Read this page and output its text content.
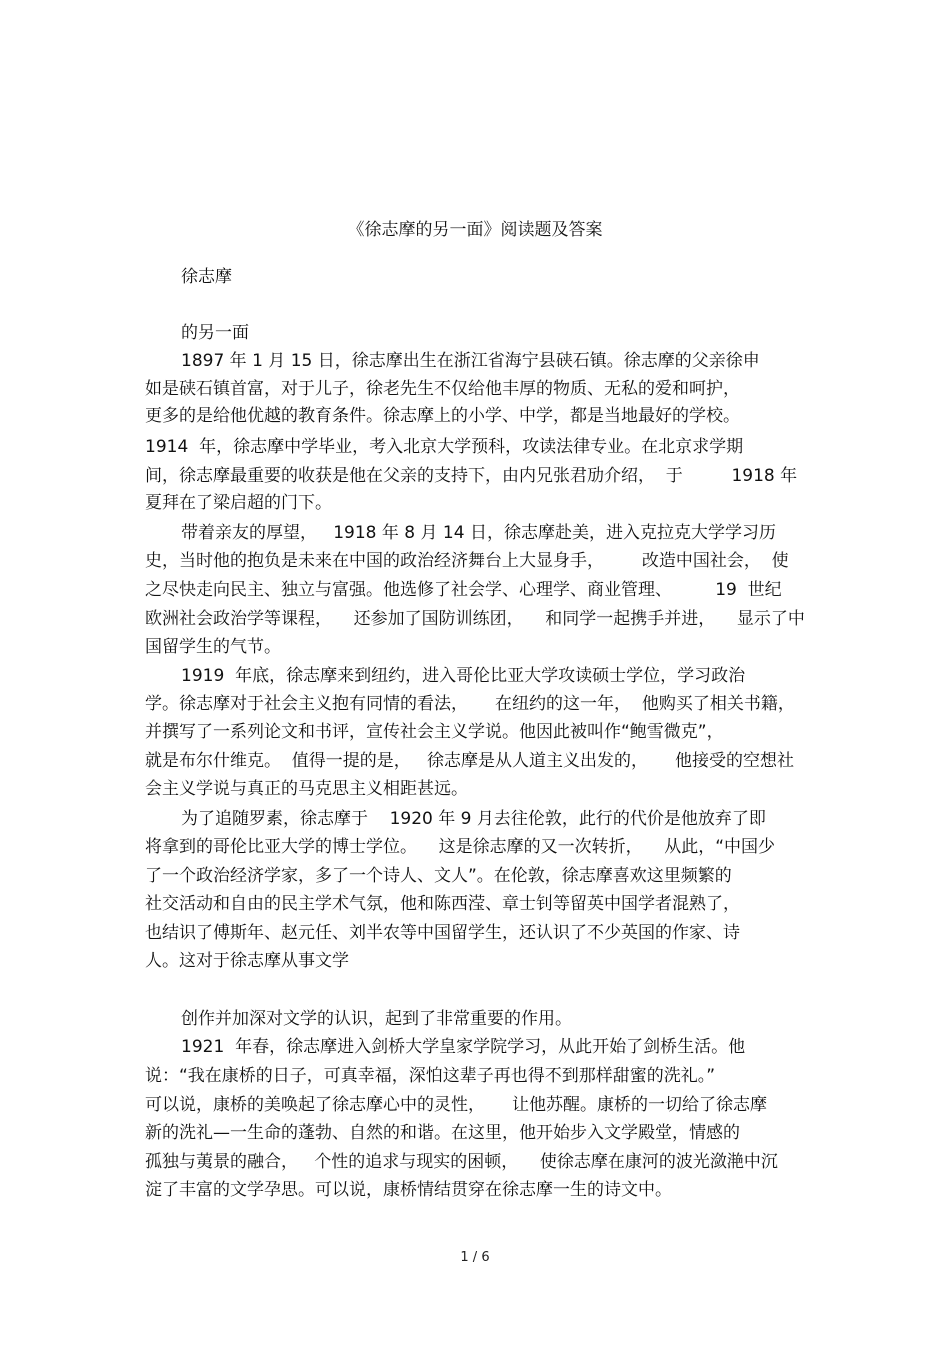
《徐志摩的另一面》阅读题及答案

徐志摩

的另一面

1897 年 1 月 15 日，徐志摩出生在浙江省海宁县硖石镇。徐志摩的父亲徐申

如是硖石镇首富，对于儿子，徐老先生不仅给他丰厚的物质、无私的爱和呵护，

更多的是给他优越的教育条件。徐志摩上的小学、中学，都是当地最好的学校。

1914  年，徐志摩中学毕业，考入北京大学预科，攻读法律专业。在北京求学期

间，徐志摩最重要的收获是他在父亲的支持下，由内兄张君劢介绍，  于         1918 年

夏拜在了梁启超的门下。

带着亲友的厚望，   1918 年 8 月 14 日，徐志摩赴美，进入克拉克大学学习历

史，当时他的抱负是未来在中国的政治经济舞台上大显身手，       改造中国社会，  使

之尽快走向民主、独立与富强。他选修了社会学、心理学、商业管理、        19  世纪

欧洲社会政治学等课程，    还参加了国防训练团，    和同学一起携手并进，    显示了中

国留学生的气节。

1919  年底，徐志摩来到纽约，进入哥伦比亚大学攻读硕士学位，学习政治

学。徐志摩对于社会主义抱有同情的看法，     在纽约的这一年，  他购买了相关书籍，

并撰写了一系列论文和书评，宣传社会主义学说。他因此被叫作“鲍雪微克”，

就是布尔什维克。  值得一提的是，   徐志摩是从人道主义出发的，     他接受的空想社

会主义学说与真正的马克思主义相距甚远。

为了追随罗素，徐志摩于    1920 年 9 月去往伦敦，此行的代价是他放弃了即

将拿到的哥伦比亚大学的博士学位。    这是徐志摩的又一次转折，    从此，“中国少

了一个政治经济学家，多了一个诗人、文人”。在伦敦，徐志摩喜欢这里频繁的

社交活动和自由的民主学术气氛，他和陈西滢、章士钊等留英中国学者混熟了，

也结识了傅斯年、赵元任、刘半农等中国留学生，还认识了不少英国的作家、诗

人。这对于徐志摩从事文学

创作并加深对文学的认识，起到了非常重要的作用。

1921  年春，徐志摩进入剑桥大学皇家学院学习，从此开始了剑桥生活。他

说：“我在康桥的日子，可真幸福，深怕这辈子再也得不到那样甜蜜的洗礼。”

可以说，康桥的美唤起了徐志摩心中的灵性，     让他苏醒。康桥的一切给了徐志摩

新的洗礼—一生命的蓬勃、自然的和谐。在这里，他开始步入文学殿堂，情感的

孤独与荑景的融合，   个性的追求与现实的困顿，    使徐志摩在康河的波光潋滟中沉

淀了丰富的文学孕思。可以说，康桥情结贯穿在徐志摩一生的诗文中。

1 / 6
